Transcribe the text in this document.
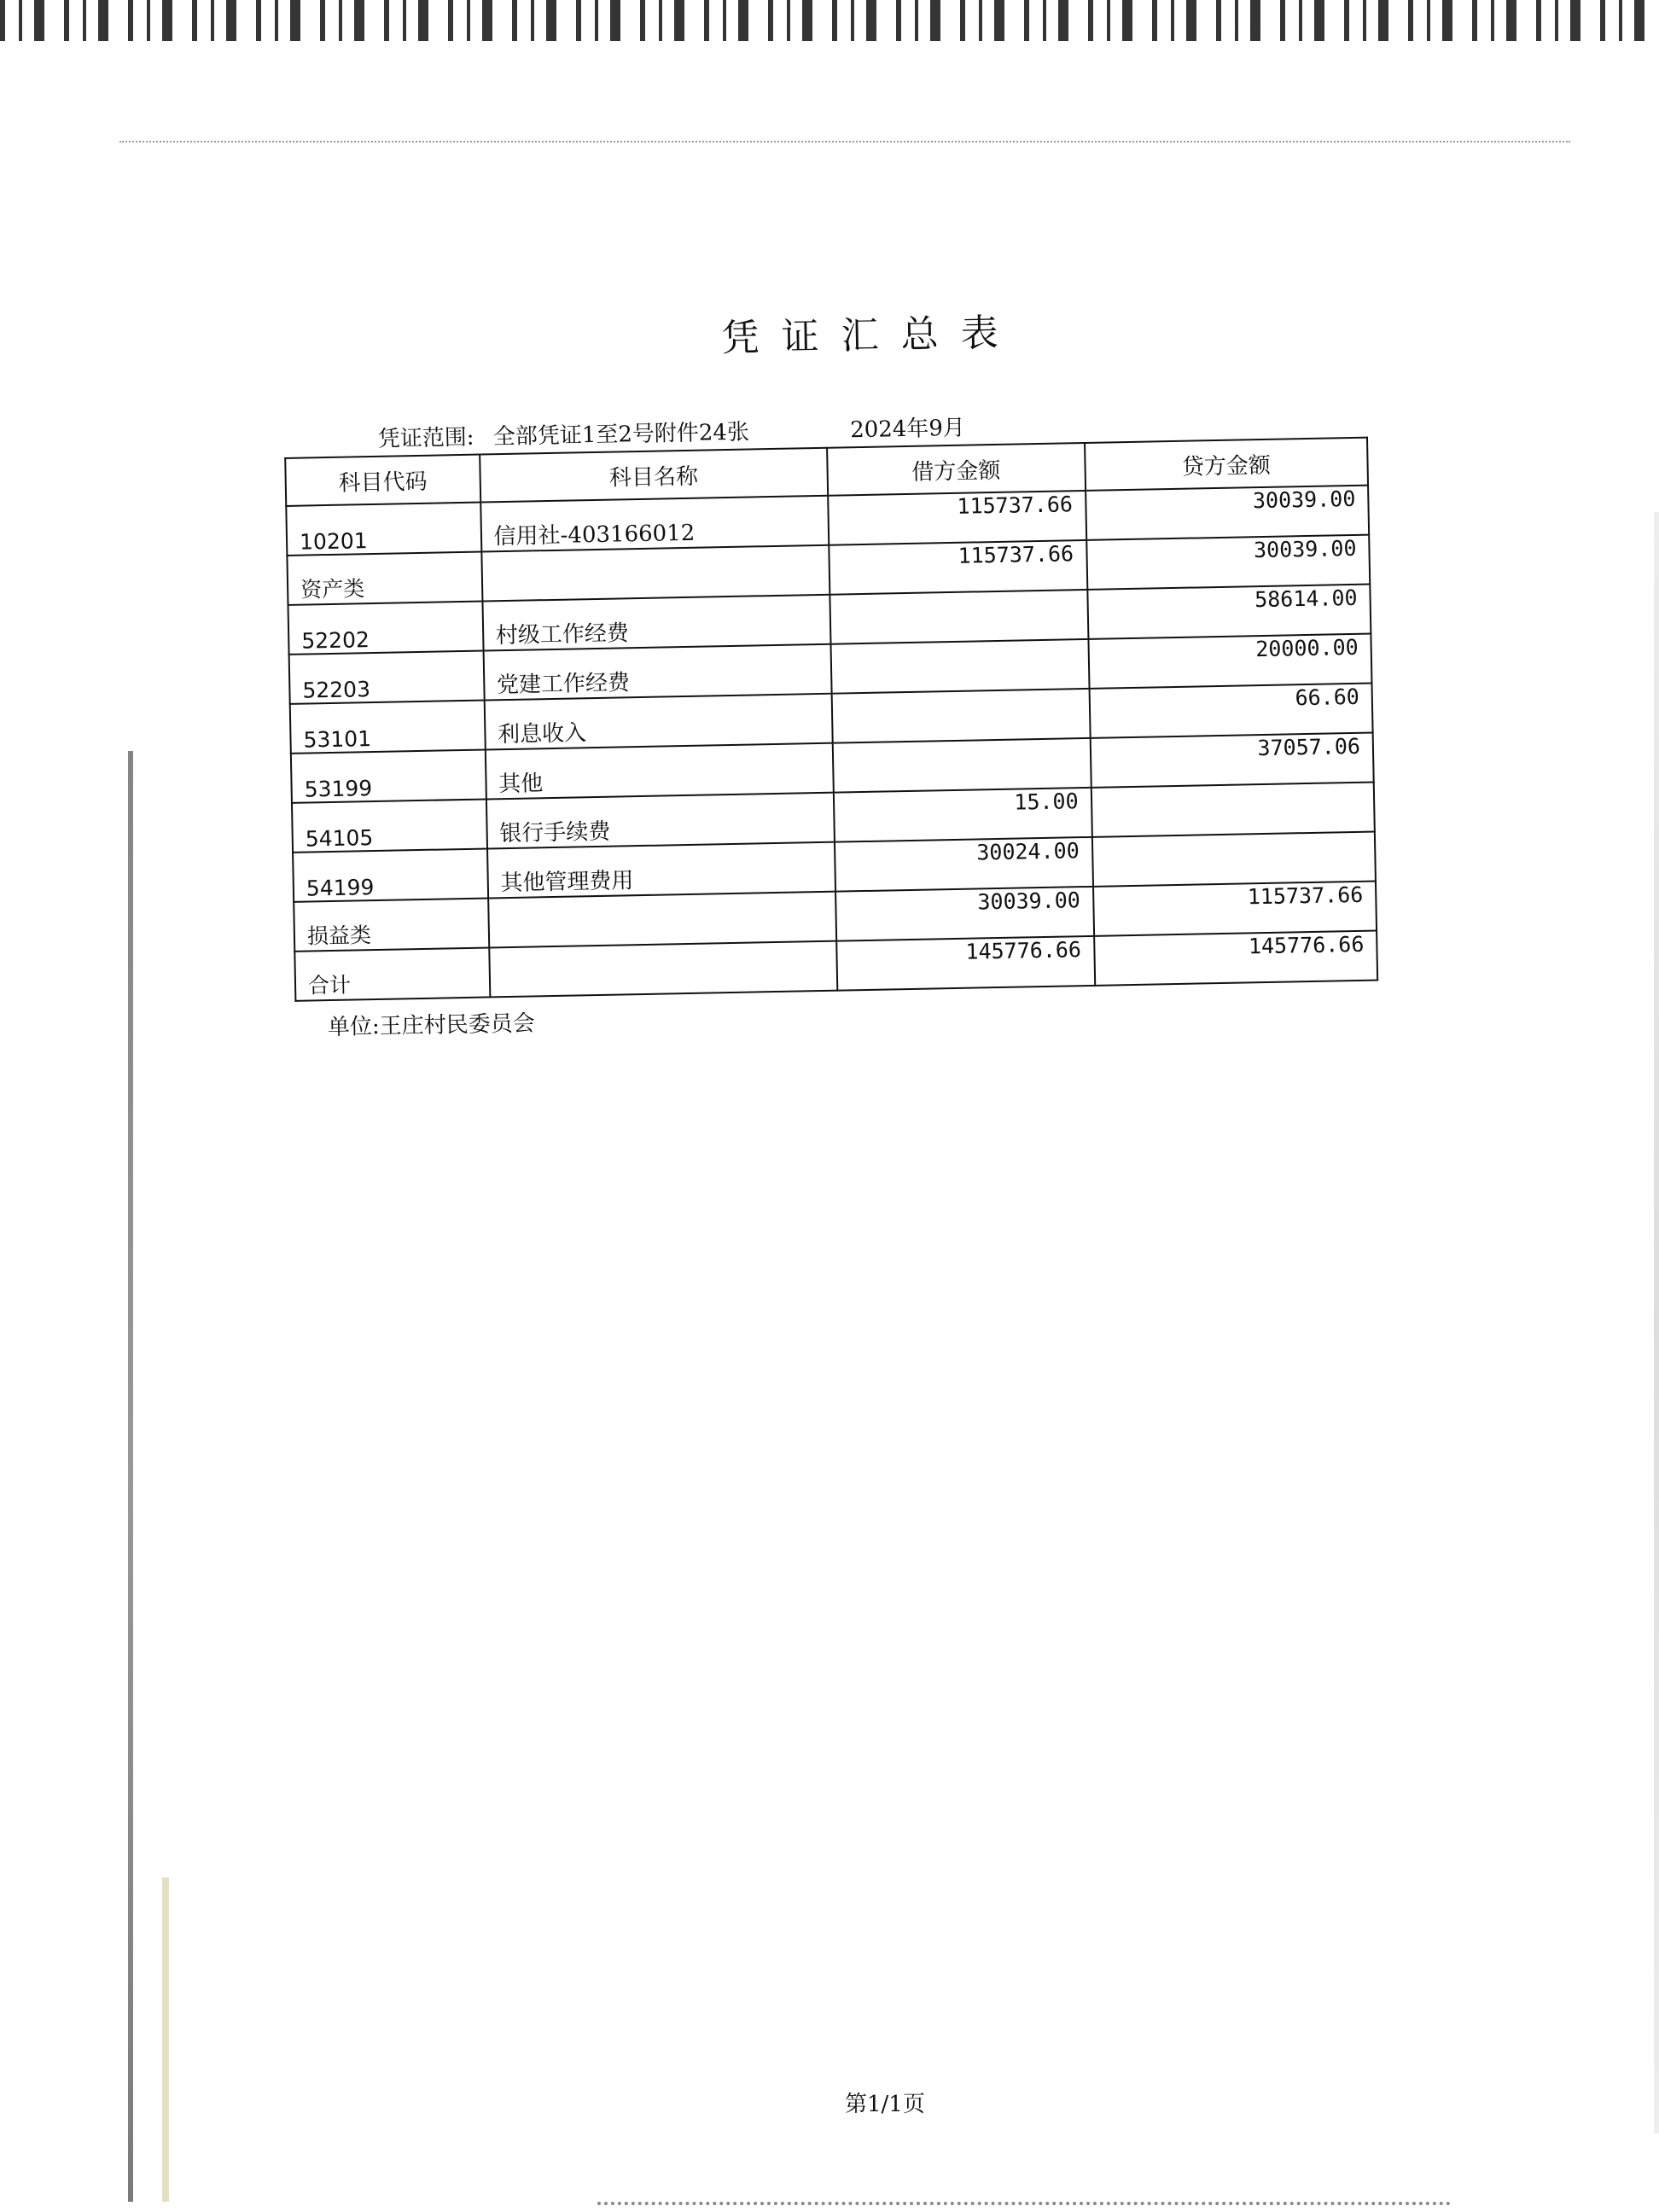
凭证汇总表
凭证范围: 全部凭证1至2号附件24张	2024年9月
科目代码	科目名称	借方金额	贷方金额
10201	信用社-403166012	115737.66	30039.00
资产类		115737.66	30039.00
52202	村级工作经费		58614.00
52203	党建工作经费		20000.00
53101	利息收入		66.60
53199	其他		37057.06
54105	银行手续费	15.00	
54199	其他管理费用	30024.00	
损益类		30039.00	115737.66
合计		145776.66	145776.66
单位:王庄村民委员会
第1/1页
